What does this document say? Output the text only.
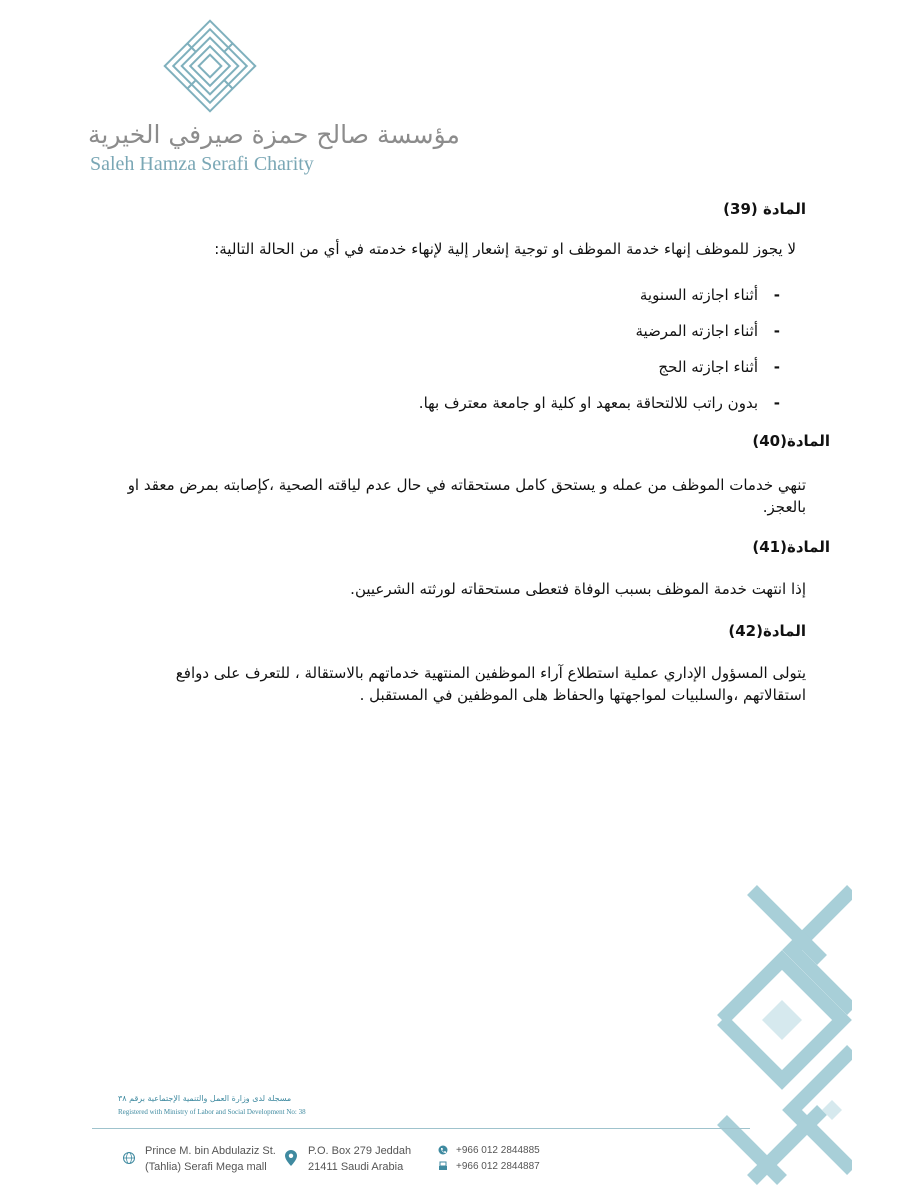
مؤسسة صالح حمزة صيرفي الخيرية
Saleh Hamza Serafi Charity
المادة (39)
لا يجوز للموظف إنهاء خدمة الموظف او توجية إشعار إلية لإنهاء خدمته في أي من الحالة التالية:
-
أثناء اجازته السنوية
-
أثناء اجازته المرضية
-
أثناء اجازته الحج
-
بدون راتب للالتحاقة بمعهد او كلية او جامعة معترف بها.
المادة(40)
تنهي خدمات الموظف من عمله و يستحق كامل مستحقاته في حال عدم لياقته الصحية ،كإصابته بمرض معقد او بالعجز.
المادة(41)
إذا انتهت خدمة الموظف بسبب الوفاة فتعطى مستحقاته لورثته الشرعيين.
المادة(42)
يتولى المسؤول الإداري عملية استطلاع آراء الموظفين المنتهية خدماتهم بالاستقالة ، للتعرف على دوافع استقالاتهم ،والسلبيات لمواجهتها والحفاظ هلى الموظفين في المستقبل .
مسجلة لدى وزارة العمل والتنمية الإجتماعية برقم ٣٨
Registered with Ministry of Labor and Social Development No: 38
Prince M. bin Abdulaziz St.
(Tahlia) Serafi Mega mall
P.O. Box 279 Jeddah
21411 Saudi Arabia
+966 012 2844885
+966 012 2844887
